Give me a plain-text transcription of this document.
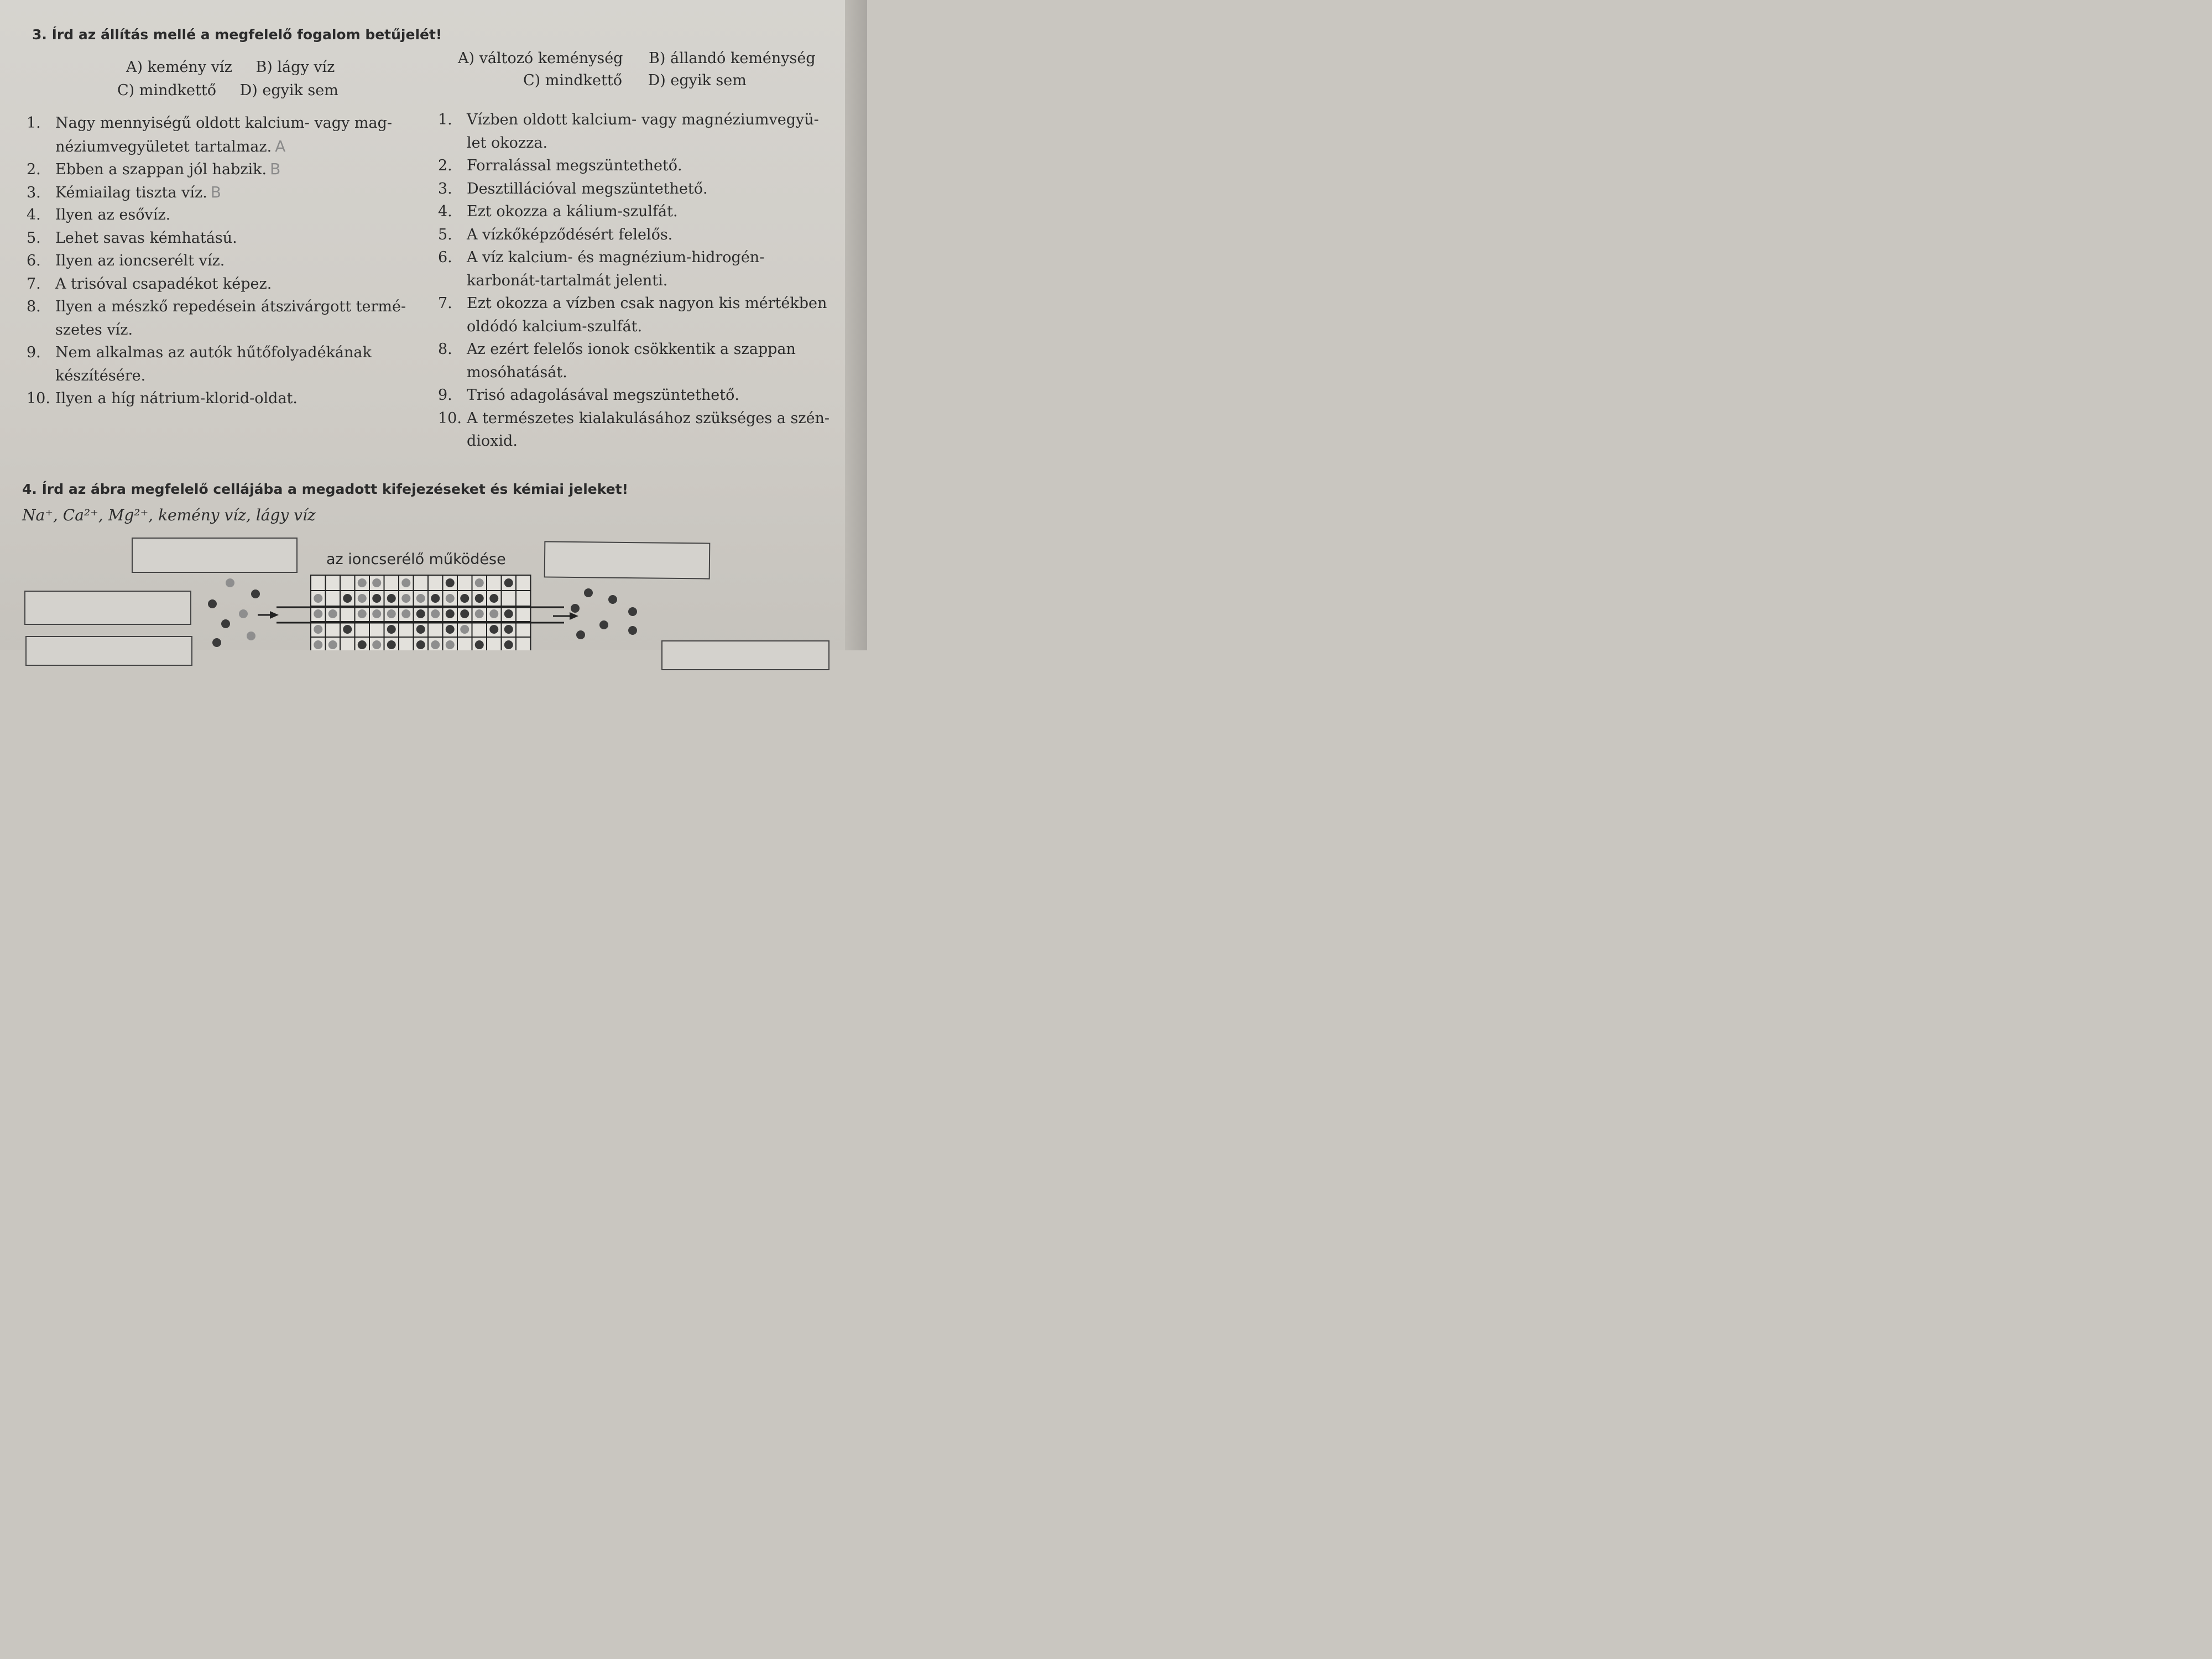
3. Írd az állítás mellé a megfelelő fogalom betűjelét!
A) kemény víz B) lágy víz
C) mindkettő D) egyik sem
A) változó keménység B) állandó keménység
C) mindkettő D) egyik sem
1. Nagy mennyiségű oldott kalcium- vagy mag-
néziumvegyületet tartalmaz. A
2. Ebben a szappan jól habzik. B
3. Kémiailag tiszta víz. B
4. Ilyen az esővíz.
5. Lehet savas kémhatású.
6. Ilyen az ioncserélt víz.
7. A trisóval csapadékot képez.
8. Ilyen a mészkő repedésein átszivárgott termé-
szetes víz.
9. Nem alkalmas az autók hűtőfolyadékának
készítésére.
10. Ilyen a híg nátrium-klorid-oldat.
1. Vízben oldott kalcium- vagy magnéziumvegyü-
let okozza.
2. Forralással megszüntethető.
3. Desztillációval megszüntethető.
4. Ezt okozza a kálium-szulfát.
5. A vízkőképződésért felelős.
6. A víz kalcium- és magnézium-hidrogén-
karbonát-tartalmát jelenti.
7. Ezt okozza a vízben csak nagyon kis mértékben
oldódó kalcium-szulfát.
8. Az ezért felelős ionok csökkentik a szappan
mosóhatását.
9. Trisó adagolásával megszüntethető.
10. A természetes kialakulásához szükséges a szén-
dioxid.
4. Írd az ábra megfelelő cellájába a megadott kifejezéseket és kémiai jeleket!
Na⁺, Ca²⁺, Mg²⁺, kemény víz, lágy víz
az ioncserélő működése
